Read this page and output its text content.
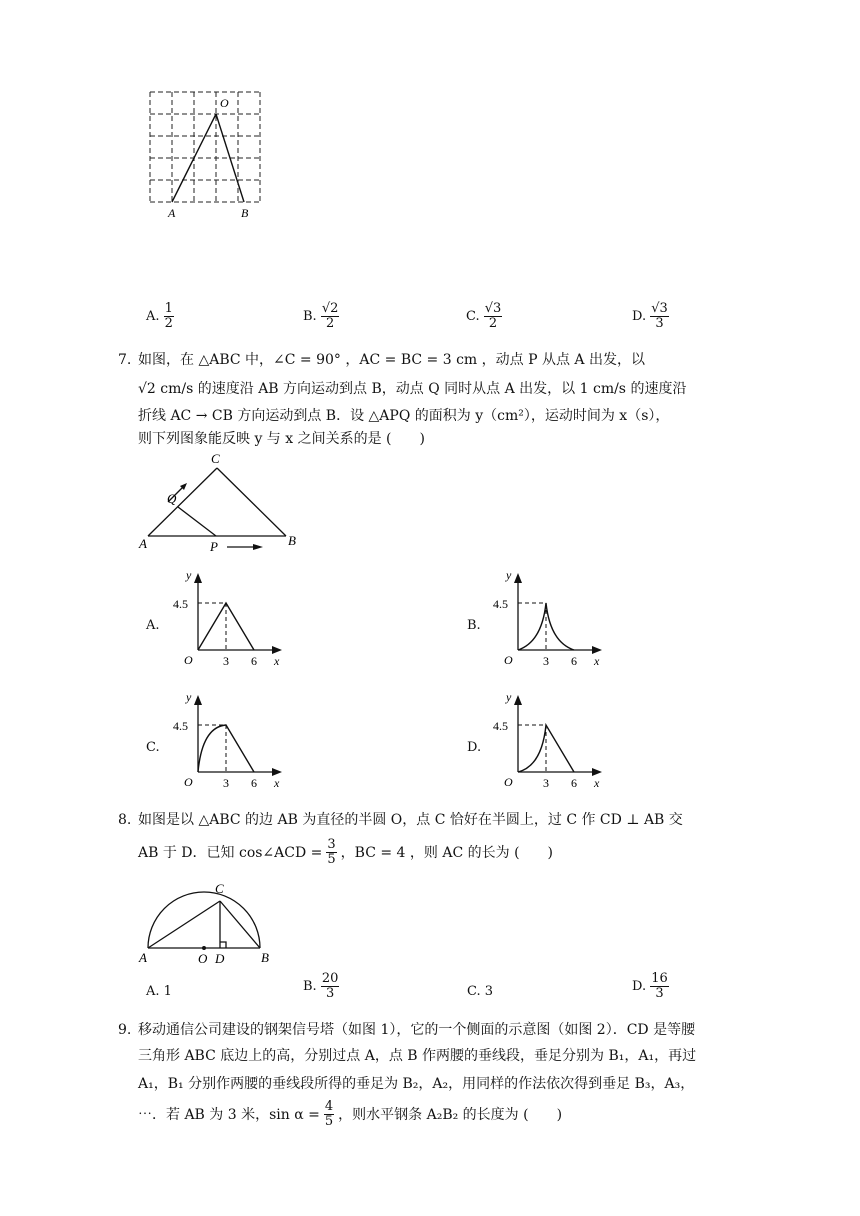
O
A	B
A. $\frac{1}{2}$	B. $\frac{√2}{2}$	C. $\frac{√3}{2}$	D. $\frac{√3}{3}$
7. 如图，在 △ABC 中，∠C = 90° ，AC = BC = 3 cm ，动点 P 从点 A 出发，以
√2 cm/s 的速度沿 AB 方向运动到点 B，动点 Q 同时从点 A 出发，以 1 cm/s 的速度沿
折线 AC → CB 方向运动到点 B．设 △APQ 的面积为 y（cm²），运动时间为 x（s），
则下列图象能反映 y 与 x 之间关系的是 (　　)
C
Q
A	P	B
A.	B.
C.	D.
y
x
O
4.5
3 6
y
x
O
4.5
3 6
y
x
O
4.5
3 6
y
x
O
4.5
3 6
8. 如图是以 △ABC 的边 AB 为直径的半圆 O，点 C 恰好在半圆上，过 C 作 CD ⊥ AB 交
AB 于 D．已知 cos∠ACD = $\frac{3}{5}$ ，BC = 4 ，则 AC 的长为 (　　)
C
A	O D	B
A. 1	B. $\frac{20}{3}$	C. 3	D. $\frac{16}{3}$
9. 移动通信公司建设的钢架信号塔（如图 1），它的一个侧面的示意图（如图 2）．CD 是等腰
三角形 ABC 底边上的高，分别过点 A，点 B 作两腰的垂线段，垂足分别为 B₁，A₁，再过
A₁，B₁ 分别作两腰的垂线段所得的垂足为 B₂，A₂，用同样的作法依次得到垂足 B₃，A₃，
⋯．若 AB 为 3 米，$\sin \alpha = \frac{4}{5}$ ，则水平钢条 A₂B₂ 的长度为 (　　)
